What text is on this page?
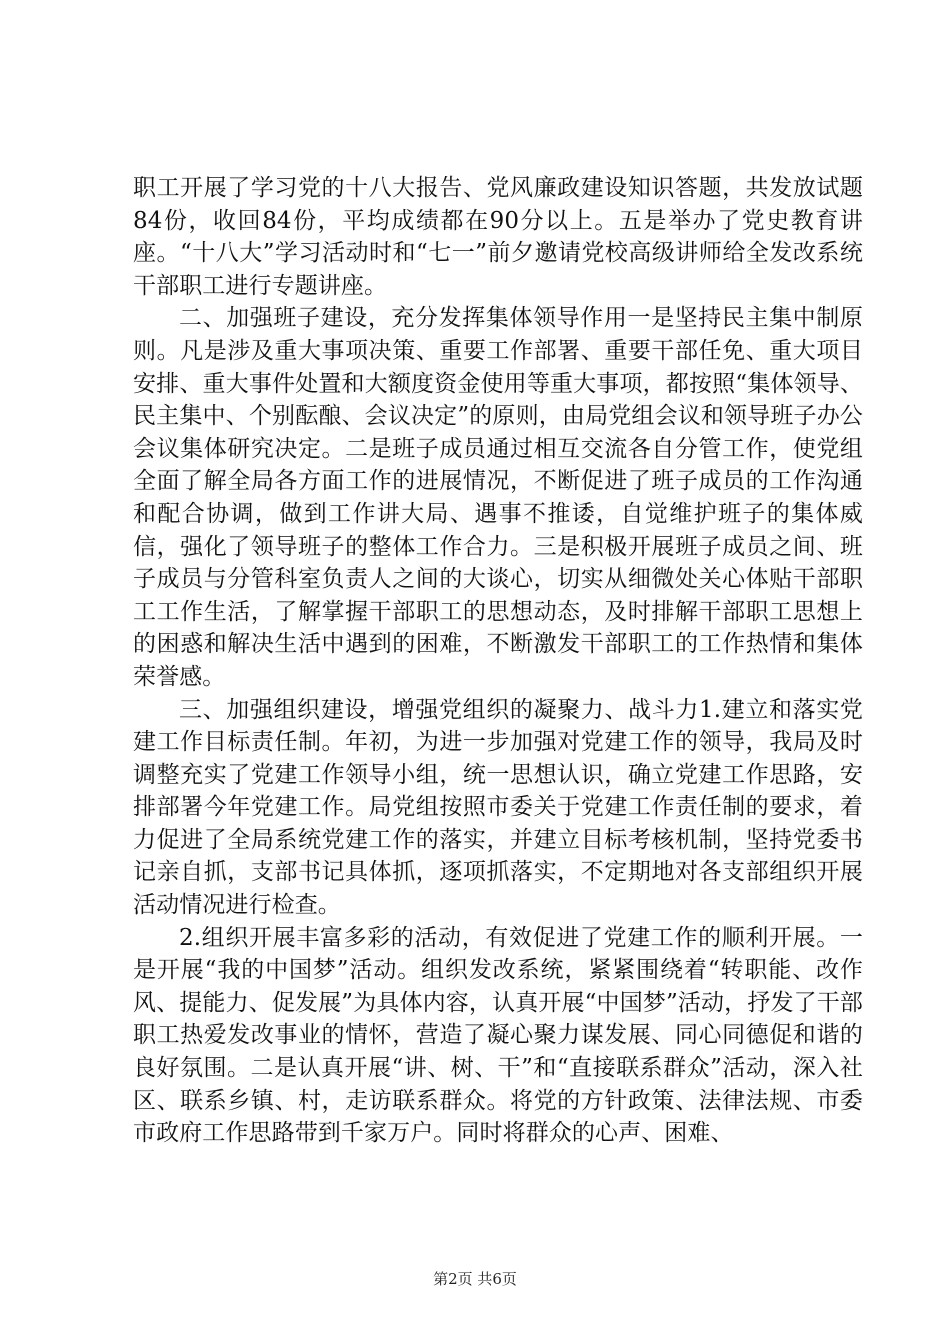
职工开展了学习党的十八大报告、党风廉政建设知识答题，共发放试题84份，收回84份，平均成绩都在90分以上。五是举办了党史教育讲座。“十八大”学习活动时和“七一”前夕邀请党校高级讲师给全发改系统干部职工进行专题讲座。

二、加强班子建设，充分发挥集体领导作用一是坚持民主集中制原则。凡是涉及重大事项决策、重要工作部署、重要干部任免、重大项目安排、重大事件处置和大额度资金使用等重大事项，都按照“集体领导、民主集中、个别酝酿、会议决定”的原则，由局党组会议和领导班子办公会议集体研究决定。二是班子成员通过相互交流各自分管工作，使党组全面了解全局各方面工作的进展情况，不断促进了班子成员的工作沟通和配合协调，做到工作讲大局、遇事不推诿，自觉维护班子的集体威信，强化了领导班子的整体工作合力。三是积极开展班子成员之间、班子成员与分管科室负责人之间的大谈心，切实从细微处关心体贴干部职工工作生活，了解掌握干部职工的思想动态，及时排解干部职工思想上的困惑和解决生活中遇到的困难，不断激发干部职工的工作热情和集体荣誉感。

三、加强组织建设，增强党组织的凝聚力、战斗力1.建立和落实党建工作目标责任制。年初，为进一步加强对党建工作的领导，我局及时调整充实了党建工作领导小组，统一思想认识，确立党建工作思路，安排部署今年党建工作。局党组按照市委关于党建工作责任制的要求，着力促进了全局系统党建工作的落实，并建立目标考核机制，坚持党委书记亲自抓，支部书记具体抓，逐项抓落实，不定期地对各支部组织开展活动情况进行检查。

2.组织开展丰富多彩的活动，有效促进了党建工作的顺利开展。一是开展“我的中国梦”活动。组织发改系统，紧紧围绕着“转职能、改作风、提能力、促发展”为具体内容，认真开展“中国梦”活动，抒发了干部职工热爱发改事业的情怀，营造了凝心聚力谋发展、同心同德促和谐的良好氛围。二是认真开展“讲、树、干”和“直接联系群众”活动，深入社区、联系乡镇、村，走访联系群众。将党的方针政策、法律法规、市委市政府工作思路带到千家万户。同时将群众的心声、困难、

第2页 共6页
